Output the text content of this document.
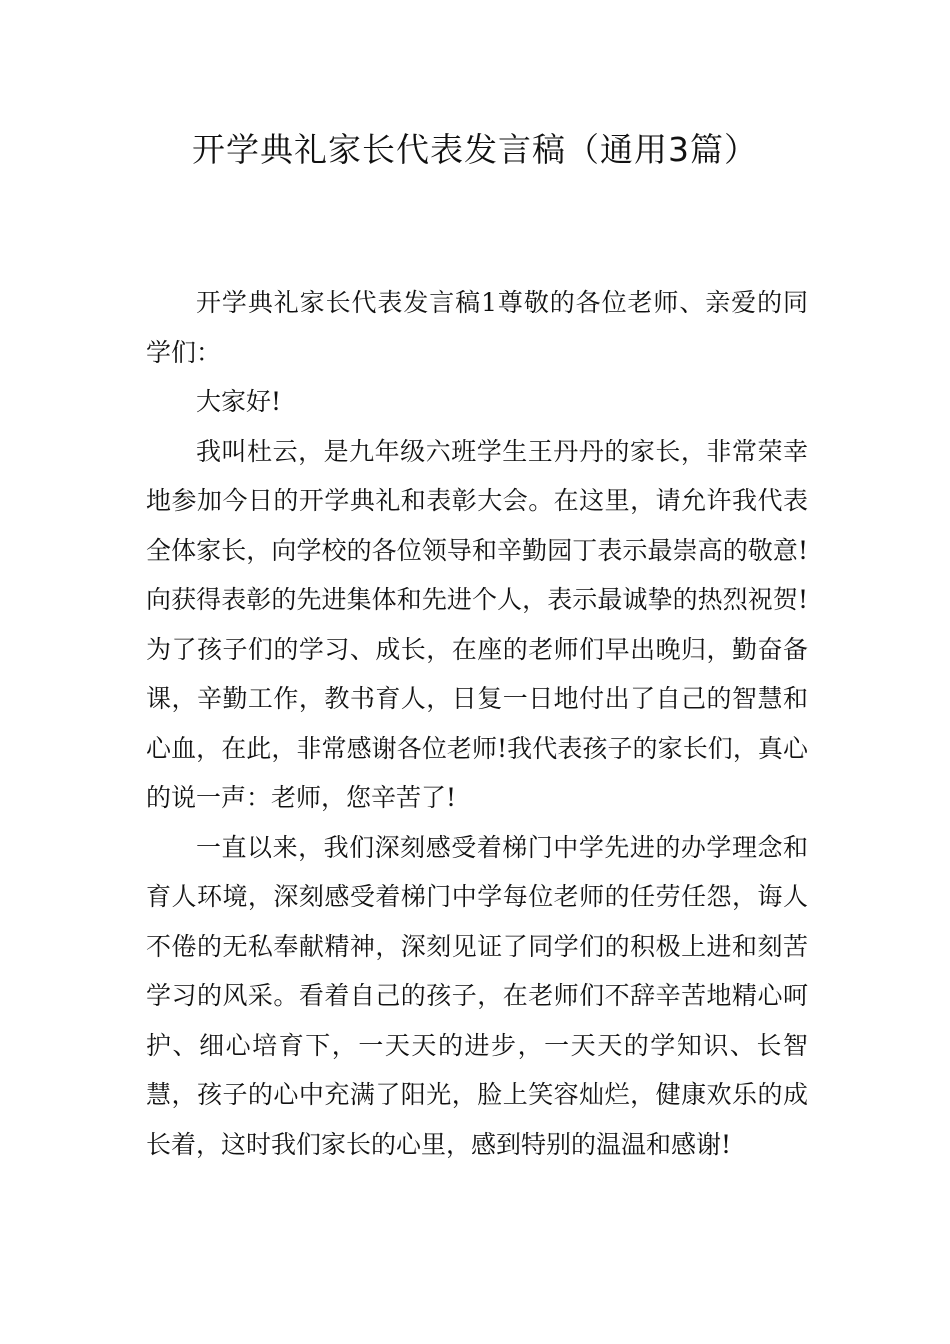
开学典礼家长代表发言稿（通用3篇）

开学典礼家长代表发言稿1尊敬的各位老师、亲爱的同学们：

大家好!

我叫杜云，是九年级六班学生王丹丹的家长，非常荣幸地参加今日的开学典礼和表彰大会。在这里，请允许我代表全体家长，向学校的各位领导和辛勤园丁表示最崇高的敬意!向获得表彰的先进集体和先进个人，表示最诚挚的热烈祝贺! 为了孩子们的学习、成长，在座的老师们早出晚归，勤奋备课，辛勤工作，教书育人，日复一日地付出了自己的智慧和心血，在此，非常感谢各位老师!我代表孩子的家长们，真心的说一声：老师，您辛苦了!

一直以来，我们深刻感受着梯门中学先进的办学理念和育人环境，深刻感受着梯门中学每位老师的任劳任怨，诲人不倦的无私奉献精神，深刻见证了同学们的积极上进和刻苦学习的风采。看着自己的孩子，在老师们不辞辛苦地精心呵护、细心培育下，一天天的进步，一天天的学知识、长智慧，孩子的心中充满了阳光，脸上笑容灿烂，健康欢乐的成长着，这时我们家长的心里，感到特别的温温和感谢!
